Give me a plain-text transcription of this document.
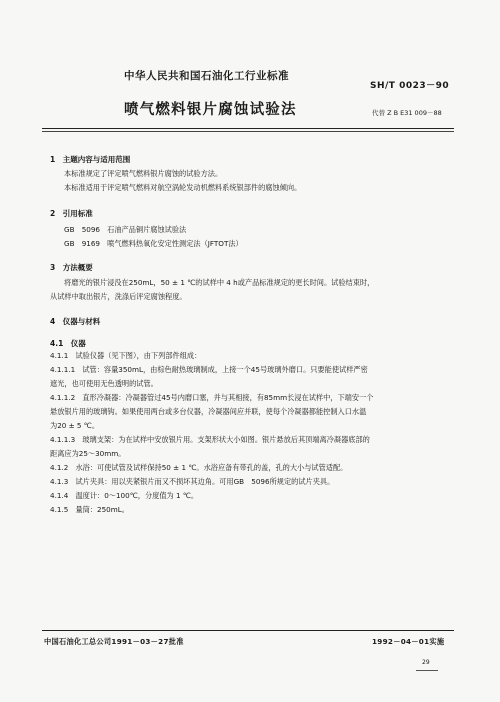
中华人民共和国石油化工行业标准
SH/T 0023－90
喷气燃料银片腐蚀试验法	代替 Z B E31 009－88
1　主题内容与适用范围
本标准规定了评定喷气燃料银片腐蚀的试验方法。
本标准适用于评定喷气燃料对航空涡轮发动机燃料系统银部件的腐蚀倾向。
2　引用标准
GB　5096　石油产品铜片腐蚀试验法
GB　9169　喷气燃料热氧化安定性测定法（JFTOT法）
3　方法概要
将磨光的银片浸没在250mL，50 ± 1 ℃的试样中 4 h或产品标准规定的更长时间。试验结束时，
从试样中取出银片，洗涤后评定腐蚀程度。
4　仪器与材料
4.1　仪器
4.1.1　试验仪器（见下图），由下列部件组成：
4.1.1.1　试管：容量350mL，由棕色耐热玻璃制成，上接一个45号玻璃外磨口。只要能使试样严密
遮光，也可使用无色透明的试管。
4.1.1.2　直形冷凝器：冷凝器管过45号内磨口塞，并与其相接，有85mm长浸在试样中，下端安一个
悬放银片用的玻璃钩。如果使用两台或多台仪器，冷凝器间应并联，使每个冷凝器都能控制入口水温
为20 ± 5 ℃。
4.1.1.3　玻璃支架：为在试样中安放银片用。支架形状大小如图。银片悬放后其顶端离冷凝器底部的
距离应为25～30mm。
4.1.2　水浴：可使试管及试样保持50 ± 1 ℃。水浴应备有带孔的盖，孔的大小与试管适配。
4.1.3　试片夹具：用以夹紧银片而又不损坏其边角。可用GB　5096所规定的试片夹具。
4.1.4　温度计：0～100℃，分度值为 1 ℃。
4.1.5　量筒：250mL。
中国石油化工总公司1991－03－27批准	1992－04－01实施
29
